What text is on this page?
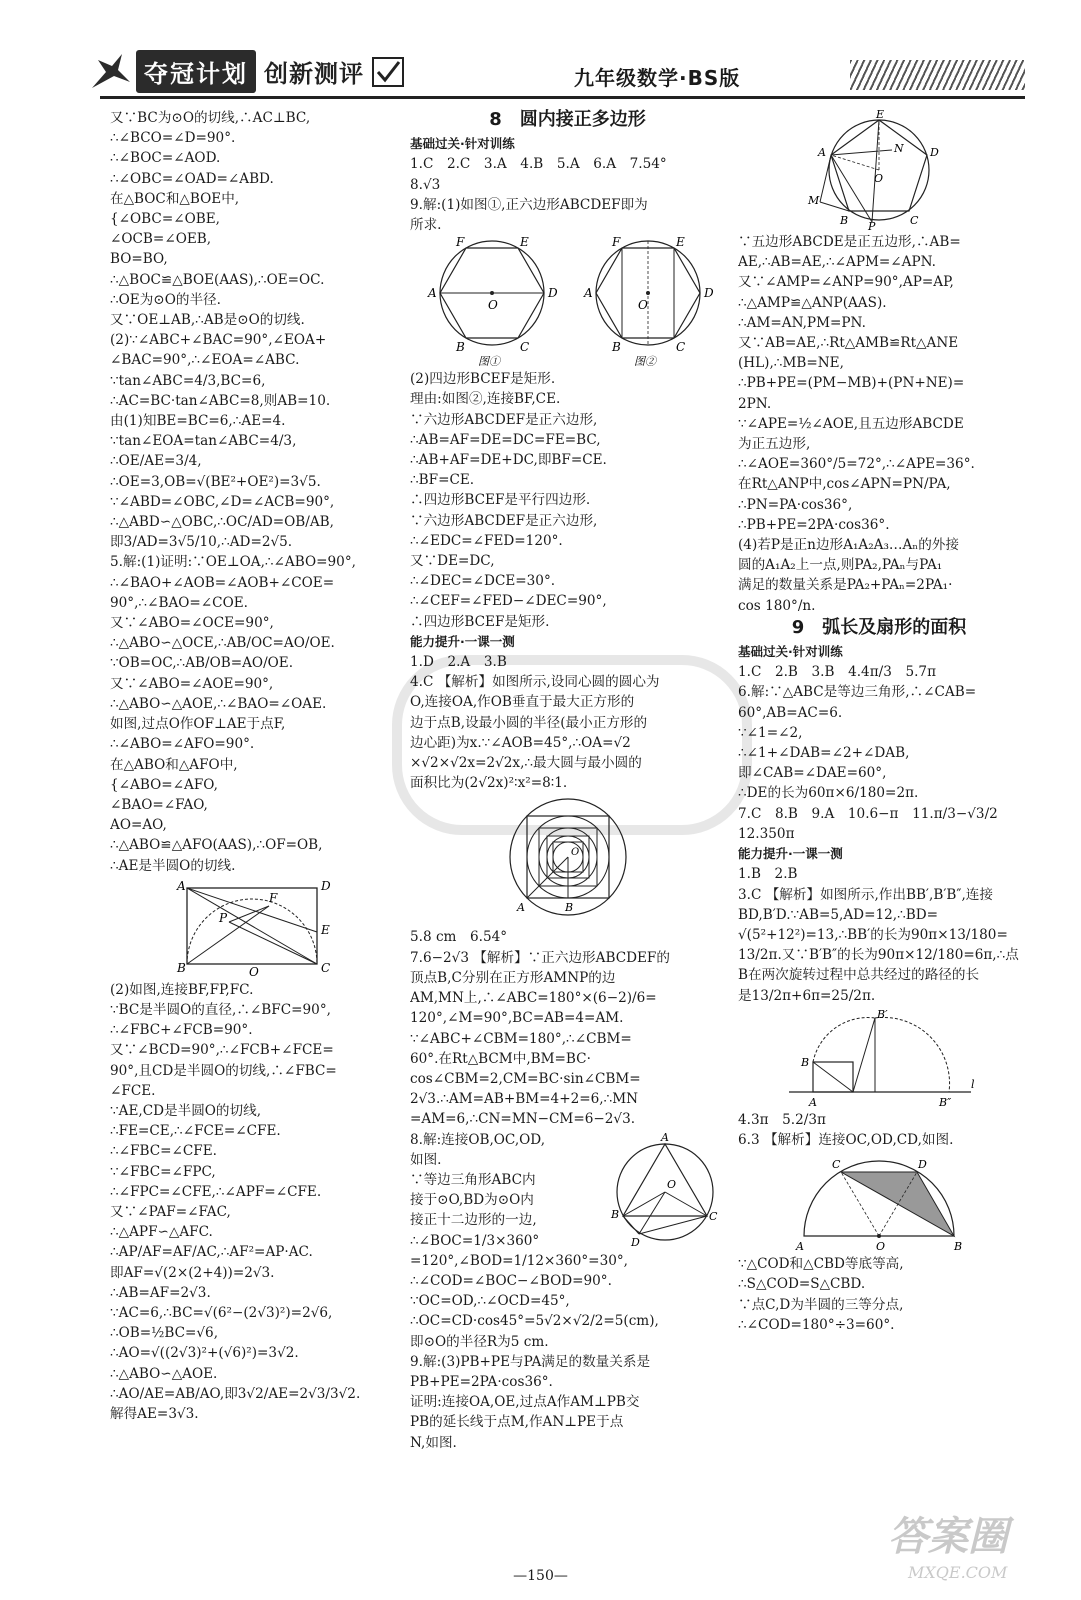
夺冠计划 创新测评	九年级数学·BS版
又∵BC为⊙O的切线,∴AC⊥BC,
∴∠BCO=∠D=90°.
∴∠BOC=∠AOD.
∴∠OBC=∠OAD=∠ABD.
在△BOC和△BOE中,
{∠OBC=∠OBE,
∠OCB=∠OEB,
BO=BO,
∴△BOC≌△BOE(AAS),∴OE=OC.
∴OE为⊙O的半径.
又∵OE⊥AB,∴AB是⊙O的切线.
(2)∵∠ABC+∠BAC=90°,∠EOA+
∠BAC=90°,∴∠EOA=∠ABC.
∵tan∠ABC=4/3,BC=6,
∴AC=BC·tan∠ABC=8,则AB=10.
由(1)知BE=BC=6,∴AE=4.
∵tan∠EOA=tan∠ABC=4/3,
∴OE/AE=3/4,
∴OE=3,OB=√(BE²+OE²)=3√5.
∵∠ABD=∠OBC,∠D=∠ACB=90°,
∴△ABD∽△OBC,∴OC/AD=OB/AB,
即3/AD=3√5/10,∴AD=2√5.
5.解:(1)证明:∵OE⊥OA,∴∠ABO=90°,
∴∠BAO+∠AOB=∠AOB+∠COE=
90°,∴∠BAO=∠COE.
又∵∠ABO=∠OCE=90°,
∴△ABO∽△OCE,∴AB/OC=AO/OE.
∵OB=OC,∴AB/OB=AO/OE.
又∵∠ABO=∠AOE=90°,
∴△ABO∽△AOE,∴∠BAO=∠OAE.
如图,过点O作OF⊥AE于点F,
∴∠ABO=∠AFO=90°.
在△ABO和△AFO中,
{∠ABO=∠AFO,
∠BAO=∠FAO,
AO=AO,
∴△ABO≌△AFO(AAS),∴OF=OB,
∴AE是半圆O的切线.
A	D
F
P
E
B	O	C
(2)如图,连接BF,FP,FC.
∵BC是半圆O的直径,∴∠BFC=90°,
∴∠FBC+∠FCB=90°.
又∵∠BCD=90°,∴∠FCB+∠FCE=
90°,且CD是半圆O的切线,∴∠FBC=
∠FCE.
∵AE,CD是半圆O的切线,
∴FE=CE,∴∠FCE=∠CFE.
∴∠FBC=∠CFE.
∵∠FBC=∠FPC,
∴∠FPC=∠CFE,∴∠APF=∠CFE.
又∵∠PAF=∠FAC,
∴△APF∽△AFC.
∴AP/AF=AF/AC,∴AF²=AP·AC.
即AF=√(2×(2+4))=2√3.
∴AB=AF=2√3.
∵AC=6,∴BC=√(6²−(2√3)²)=2√6,
∴OB=½BC=√6,
∴AO=√((2√3)²+(√6)²)=3√2.
∴△ABO∽△AOE.
∴AO/AE=AB/AO,即3√2/AE=2√3/3√2.
解得AE=3√3.
8　圆内接正多边形
基础过关·针对训练
1.C　2.C　3.A　4.B　5.A　6.A　7.54°
8.√3
9.解:(1)如图①,正六边形ABCDEF即为
所求.
F	E
A	D
O
B	C
图①
F	E
A	D
O
B	C
图②
(2)四边形BCEF是矩形.
理由:如图②,连接BF,CE.
∵六边形ABCDEF是正六边形,
∴AB=AF=DE=DC=FE=BC,
∴AB+AF=DE+DC,即BF=CE.
∴BF=CE.
∴四边形BCEF是平行四边形.
∵六边形ABCDEF是正六边形,
∴∠EDC=∠FED=120°.
又∵DE=DC,
∴∠DEC=∠DCE=30°.
∴∠CEF=∠FED−∠DEC=90°,
∴四边形BCEF是矩形.
能力提升·一课一测
1.D　2.A　3.B
4.C 【解析】如图所示,设同心圆的圆心为
O,连接OA,作OB垂直于最大正方形的
边于点B,设最小圆的半径(最小正方形的
边心距)为x.∵∠AOB=45°,∴OA=√2
×√2×√2x=2√2x,∴最大圆与最小圆的
面积比为(2√2x)²∶x²=8∶1.
O
A	B
5.8 cm　6.54°
7.6−2√3 【解析】∵正六边形ABCDEF的
顶点B,C分别在正方形AMNP的边
AM,MN上,∴∠ABC=180°×(6−2)/6=
120°,∠M=90°,BC=AB=4=AM.
∵∠ABC+∠CBM=180°,∴∠CBM=
60°.在Rt△BCM中,BM=BC·
cos∠CBM=2,CM=BC·sin∠CBM=
2√3.∴AM=AB+BM=4+2=6,∴MN
=AM=6,∴CN=MN−CM=6−2√3.
A
O
B	C
D
8.解:连接OB,OC,OD,
如图.
∵等边三角形ABC内
接于⊙O,BD为⊙O内
接正十二边形的一边,
∴∠BOC=1/3×360°
=120°,∠BOD=1/12×360°=30°,
∴∠COD=∠BOC−∠BOD=90°.
∵OC=OD,∴∠OCD=45°,
∴OC=CD·cos45°=5√2×√2/2=5(cm),
即⊙O的半径R为5 cm.
9.解:(3)PB+PE与PA满足的数量关系是
PB+PE=2PA·cos36°.
证明:连接OA,OE,过点A作AM⊥PB交
PB的延长线于点M,作AN⊥PE于点
N,如图.
E
A	N D
O
M
B P	C
∵五边形ABCDE是正五边形,∴AB=
AE,∴AB=AE,∴∠APM=∠APN.
又∵∠AMP=∠ANP=90°,AP=AP,
∴△AMP≌△ANP(AAS).
∴AM=AN,PM=PN.
又∵AB=AE,∴Rt△AMB≌Rt△ANE
(HL),∴MB=NE,
∴PB+PE=(PM−MB)+(PN+NE)=
2PN.
∵∠APE=½∠AOE,且五边形ABCDE
为正五边形,
∴∠AOE=360°/5=72°,∴∠APE=36°.
在Rt△ANP中,cos∠APN=PN/PA,
∴PN=PA·cos36°,
∴PB+PE=2PA·cos36°.
(4)若P是正n边形A₁A₂A₃…Aₙ的外接
圆的A₁A₂上一点,则PA₂,PAₙ与PA₁
满足的数量关系是PA₂+PAₙ=2PA₁·
cos 180°/n.
9　弧长及扇形的面积
基础过关·针对训练
1.C　2.B　3.B　4.4π/3　5.7π
6.解:∵△ABC是等边三角形,∴∠CAB=
60°,AB=AC=6.
∵∠1=∠2,
∴∠1+∠DAB=∠2+∠DAB,
即∠CAB=∠DAE=60°,
∴DE的长为60π×6/180=2π.
7.C　8.B　9.A　10.6−π　11.π/3−√3/2
12.350π
能力提升·一课一测
1.B　2.B
3.C 【解析】如图所示,作出BB′,B′B″,连接
BD,B′D.∵AB=5,AD=12,∴BD=
√(5²+12²)=13,∴BB′的长为90π×13/180=
13/2π.又∵B′B″的长为90π×12/180=6π,∴点
B在两次旋转过程中总共经过的路径的长
是13/2π+6π=25/2π.
B′
B
A	B″
l
4.3π　5.2/3π
6.3 【解析】连接OC,OD,CD,如图.
C	D
A	O	B
∵△COD和△CBD等底等高,
∴S△COD=S△CBD.
∵点C,D为半圆的三等分点,
∴∠COD=180°÷3=60°.
—150—
答案圈
MXQE.COM
